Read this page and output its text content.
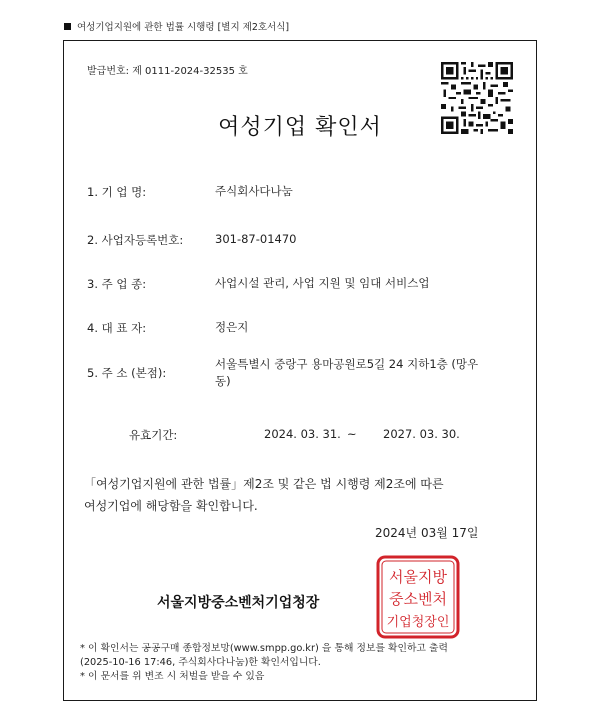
여성기업지원에 관한 법률 시행령 [별지 제2호서식]
발급번호: 제 0111-2024-32535 호
여성기업 확인서
1. 기 업 명:	주식회사다나눔
2. 사업자등록번호:	301-87-01470
3. 주 업 종:	사업시설 관리, 사업 지원 및 임대 서비스업
4. 대 표 자:	정은지
5. 주 소 (본점):
서울특별시 중랑구 용마공원로5길 24 지하1층 (망우
동)
유효기간:	2024. 03. 31. ~ 2027. 03. 30.
「여성기업지원에 관한 법률」제2조 및 같은 법 시행령 제2조에 따른
여성기업에 해당함을 확인합니다.
2024년 03월 17일
서울지방중소벤처기업청장
서울지방
중소벤처
기업청장인
* 이 확인서는 공공구매 종합정보망(www.smpp.go.kr) 을 통해 정보를 확인하고 출력
(2025-10-16 17:46, 주식회사다나눔)한 확인서입니다.
* 이 문서를 위 변조 시 처벌을 받을 수 있음
